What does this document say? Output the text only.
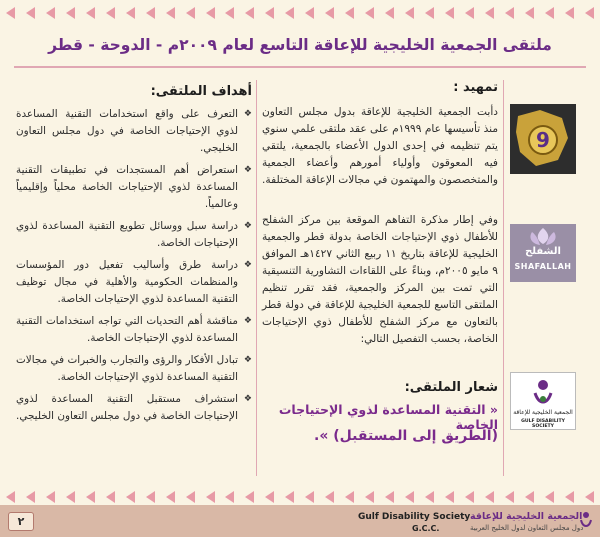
ملتقى الجمعية الخليجية للإعاقة التاسع لعام ٢٠٠٩م - الدوحة - قطر
تمهيد :
دأبت الجمعية الخليجية للإعاقة بدول مجلس التعاون منذ تأسيسها عام ١٩٩٩م على عقد ملتقى علمي سنوي يتم تنظيمه في إحدى الدول الأعضاء بالجمعية، يلتقي فيه المعوقون وأولياء أمورهم وأعضاء الجمعية والمتخصصون والمهتمون في مجالات الإعاقة المختلفة.
وفي إطار مذكرة التفاهم الموقعة بين مركز الشفلح للأطفال ذوي الإحتياجات الخاصة بدولة قطر والجمعية الخليجية للإعاقة بتاريخ ١١ ربيع الثاني ١٤٢٧هـ الموافق ٩ مايو ٢٠٠٥م، وبناءً على اللقاءات التشاورية التنسيقية التي تمت بين المركز والجمعية، فقد تقرر تنظيم الملتقى التاسع للجمعية الخليجية للإعاقة في دولة قطر بالتعاون مع مركز الشفلح للأطفال ذوي الإحتياجات الخاصة، بحسب التفصيل التالي:
شعار الملتقى:
« التقنية المساعدة لذوي الإحتياجات الخاصة
(الطريق إلى المستقبل) ».
أهداف الملتقى:
❖
التعرف على واقع استخدامات التقنية المساعدة لذوي الإحتياجات الخاصة في دول مجلس التعاون الخليجي.
❖
استعراض أهم المستجدات في تطبيقات التقنية المساعدة لذوي الإحتياجات الخاصة محلياً وإقليمياً وعالمياً.
❖
دراسة سبل ووسائل تطويع التقنية المساعدة لذوي الإحتياجات الخاصة.
❖
دراسة طرق وأساليب تفعيل دور المؤسسات والمنظمات الحكومية والأهلية في مجال توظيف التقنية المساعدة لذوي الإحتياجات الخاصة.
❖
مناقشة أهم التحديات التي تواجه استخدامات التقنية المساعدة لذوي الإحتياجات الخاصة.
❖
تبادل الأفكار والرؤى والتجارب والخبرات في مجالات التقنية المساعدة لذوي الإحتياجات الخاصة.
❖
استشراف مستقبل التقنية المساعدة لذوي الإحتياجات الخاصة في دول مجلس التعاون الخليجي.
9
الشفلح
SHAFALLAH
الجمعية الخليجية للإعاقة
GULF DISABILITY SOCIETY
٢	Gulf Disability Society
G.C.C.
الجمعية الخليجية للإعاقة
دول مجلس التعاون لدول الخليج العربية
